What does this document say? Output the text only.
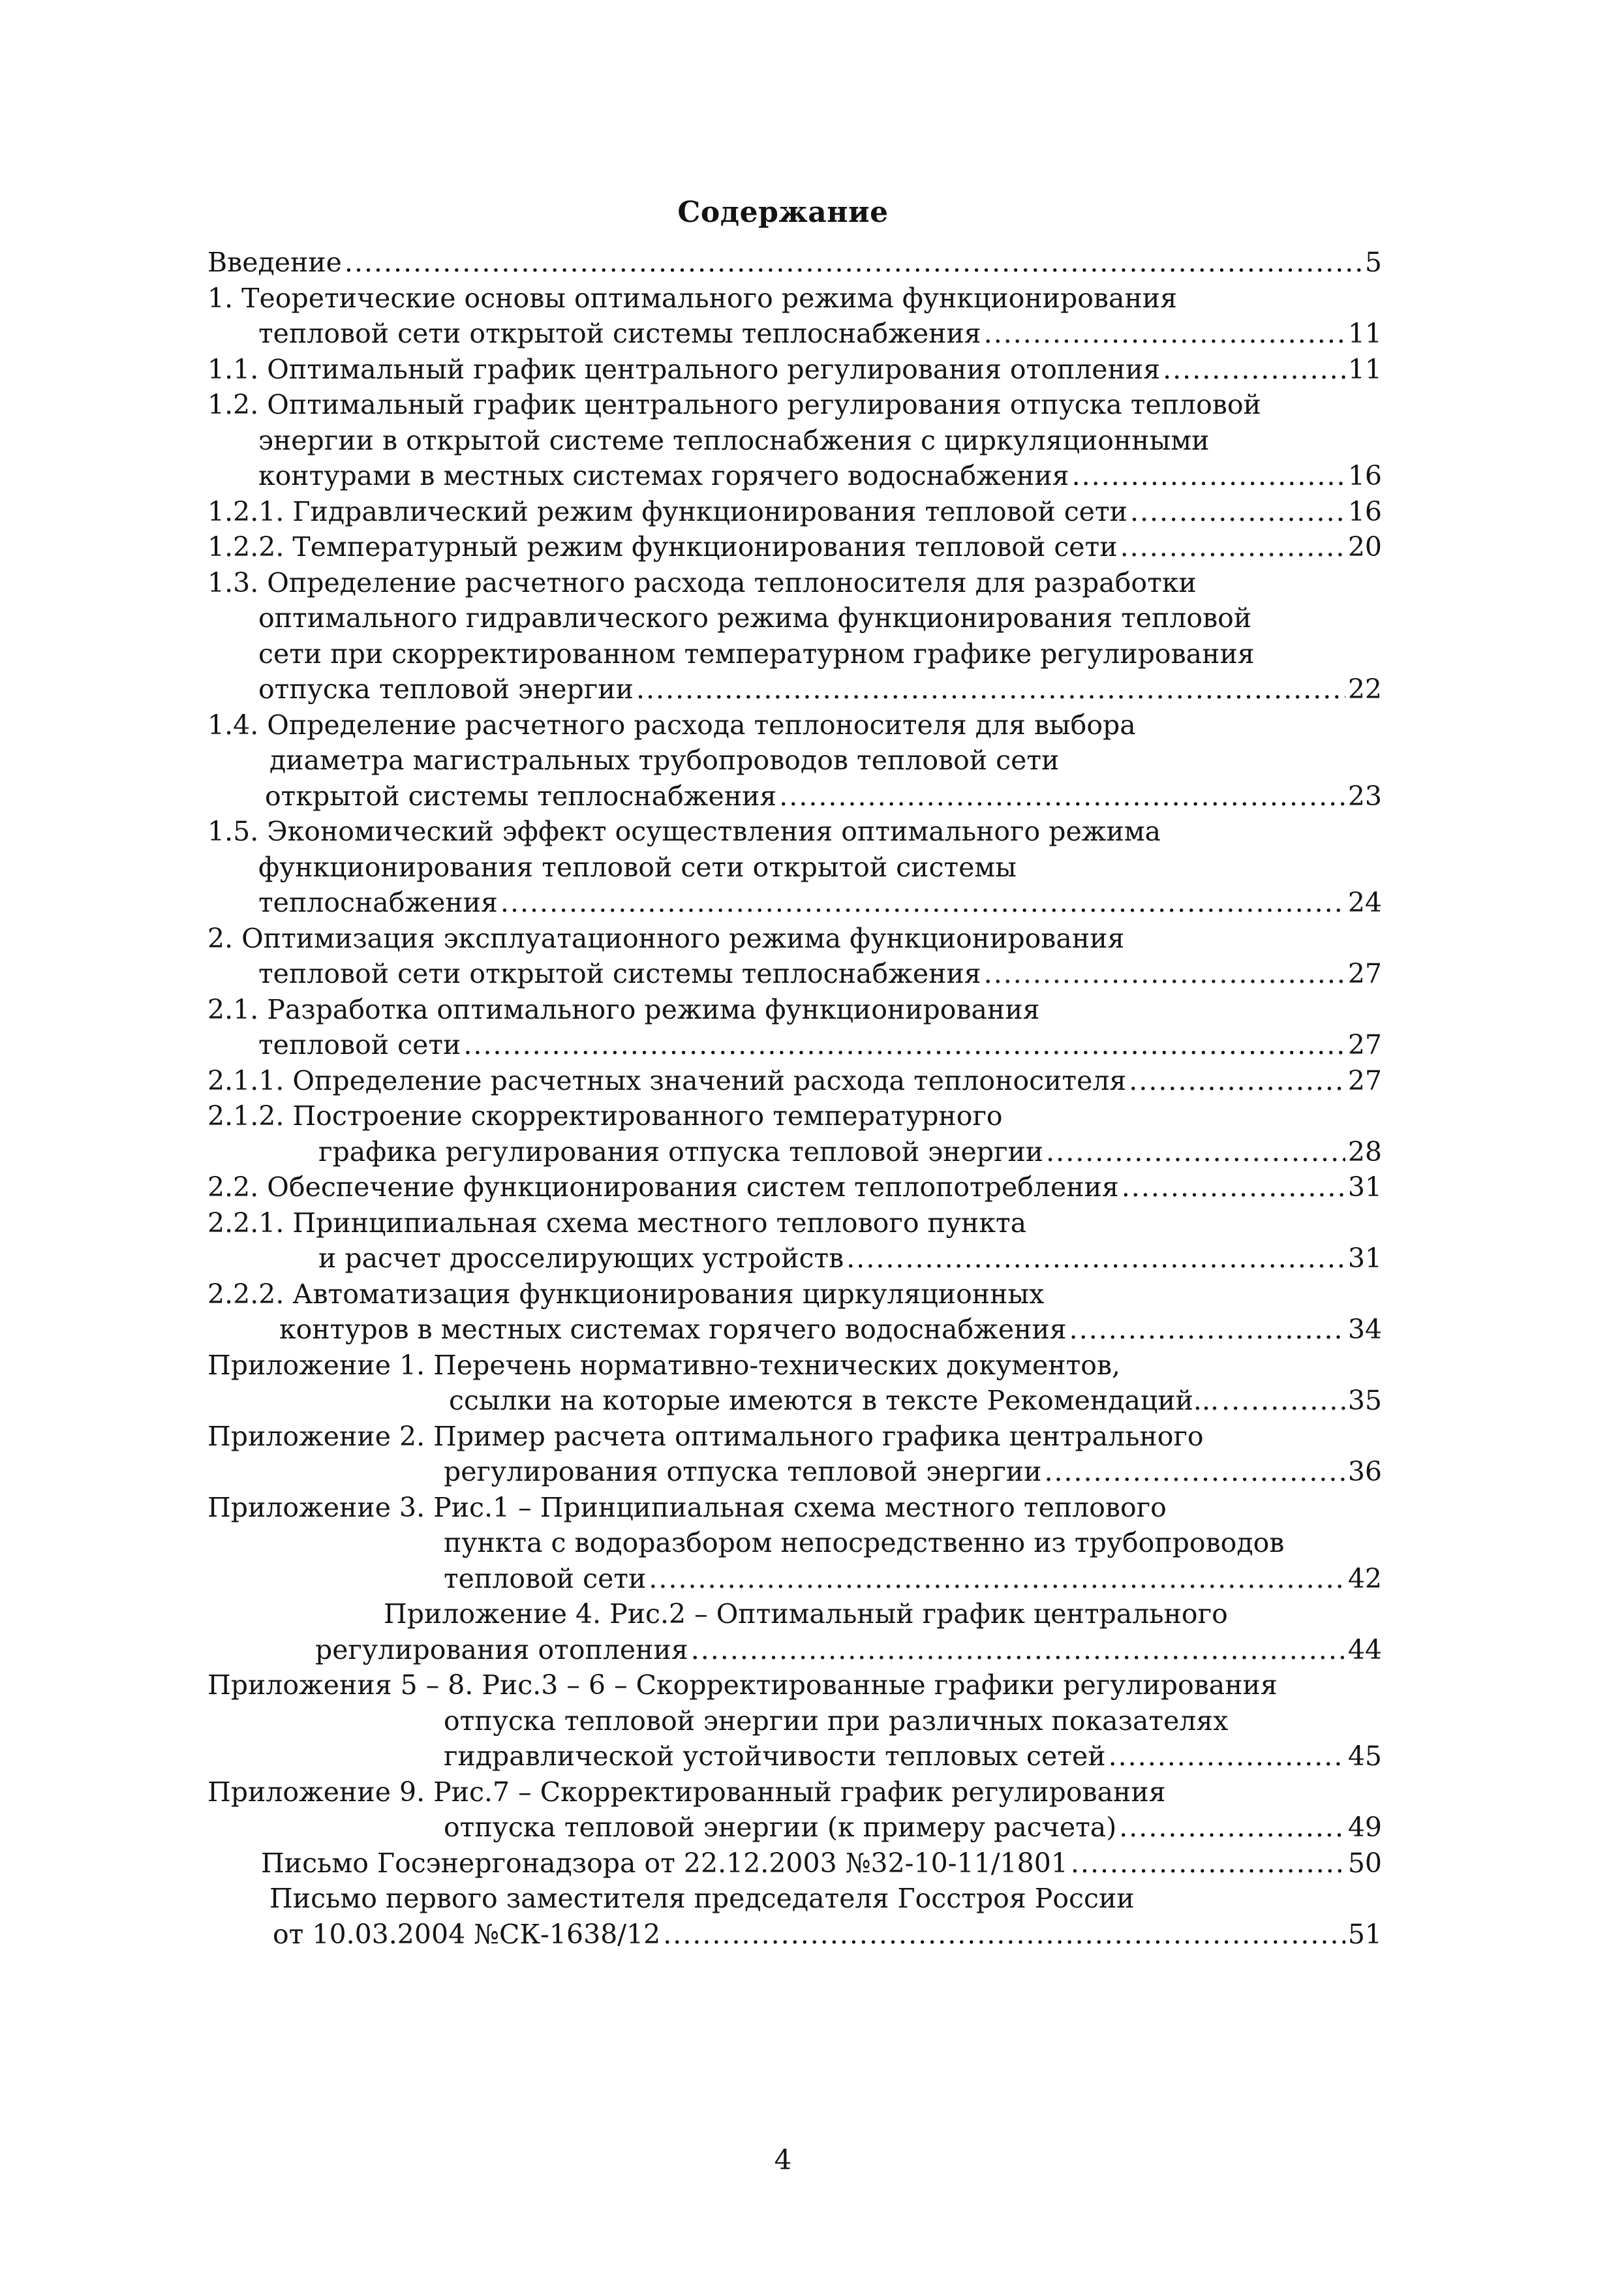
Содержание
Введение .....	5
1. Теоретические основы оптимального режима функционирования
тепловой сети открытой системы теплоснабжения .....	11
1.1. Оптимальный график центрального регулирования отопления .....	11
1.2. Оптимальный график центрального регулирования отпуска тепловой
энергии в открытой системе теплоснабжения с циркуляционными
контурами в местных системах горячего водоснабжения .....	16
1.2.1. Гидравлический режим функционирования тепловой сети .....	16
1.2.2. Температурный режим функционирования тепловой сети .....	20
1.3. Определение расчетного расхода теплоносителя для разработки
оптимального гидравлического режима функционирования тепловой
сети при скорректированном температурном графике регулирования
отпуска тепловой энергии .....	22
1.4. Определение расчетного расхода теплоносителя для выбора
диаметра магистральных трубопроводов тепловой сети
открытой системы теплоснабжения .....	23
1.5. Экономический эффект осуществления оптимального режима
функционирования тепловой сети открытой системы
теплоснабжения .....	24
2. Оптимизация эксплуатационного режима функционирования
тепловой сети открытой системы теплоснабжения .....	27
2.1. Разработка оптимального режима функционирования
тепловой сети .....	27
2.1.1. Определение расчетных значений расхода теплоносителя .....	27
2.1.2. Построение скорректированного температурного
графика регулирования отпуска тепловой энергии .....	28
2.2. Обеспечение функционирования систем теплопотребления .....	31
2.2.1. Принципиальная схема местного теплового пункта
и расчет дросселирующих устройств .....	31
2.2.2. Автоматизация функционирования циркуляционных
контуров в местных системах горячего водоснабжения .....	34
Приложение 1. Перечень нормативно-технических документов,
ссылки на которые имеются в тексте Рекомендаций... .....	35
Приложение 2. Пример расчета оптимального графика центрального
регулирования отпуска тепловой энергии .....	36
Приложение 3. Рис.1 – Принципиальная схема местного теплового
пункта с водоразбором непосредственно из трубопроводов
тепловой сети .....	42
Приложение 4. Рис.2 – Оптимальный график центрального
регулирования отопления .....	44
Приложения 5 – 8. Рис.3 – 6 – Скорректированные графики регулирования
отпуска тепловой энергии при различных показателях
гидравлической устойчивости тепловых сетей .....	45
Приложение 9. Рис.7 – Скорректированный график регулирования
отпуска тепловой энергии (к примеру расчета) .....	49
Письмо Госэнергонадзора от 22.12.2003 №32-10-11/1801 .....	50
Письмо первого заместителя председателя Госстроя России
от 10.03.2004 №СК-1638/12 .....	51
4
